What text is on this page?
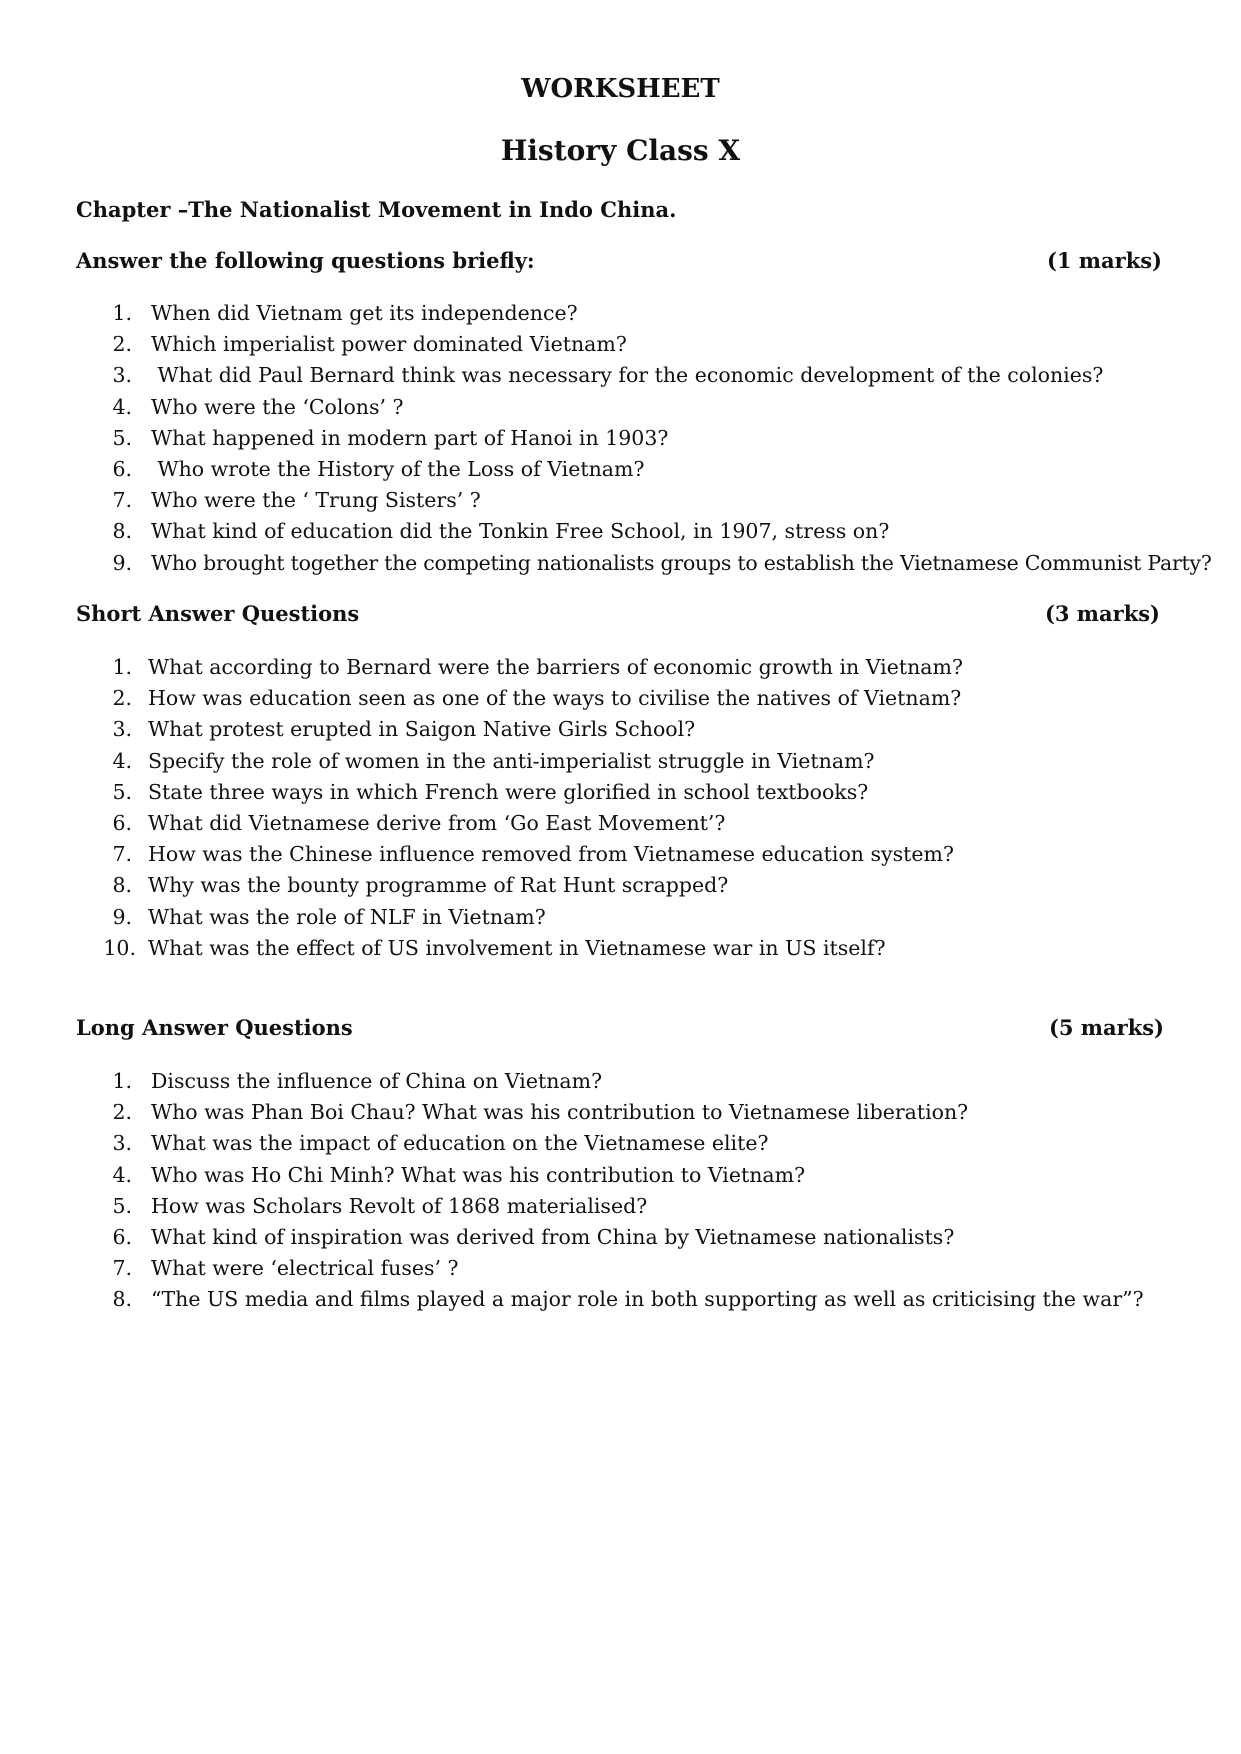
WORKSHEET
History Class X

Chapter –The Nationalist Movement in Indo China.

Answer the following questions briefly:	(1 marks)
1. When did Vietnam get its independence?
2. Which imperialist power dominated Vietnam?
3. What did Paul Bernard think was necessary for the economic development of the colonies?
4. Who were the ‘Colons’ ?
5. What happened in modern part of Hanoi in 1903?
6. Who wrote the History of the Loss of Vietnam?
7. Who were the ‘ Trung Sisters’ ?
8. What kind of education did the Tonkin Free School, in 1907, stress on?
9. Who brought together the competing nationalists groups to establish the Vietnamese Communist Party?
Short Answer Questions	(3 marks)
1. What according to Bernard were the barriers of economic growth in Vietnam?
2. How was education seen as one of the ways to civilise the natives of Vietnam?
3. What protest erupted in Saigon Native Girls School?
4. Specify the role of women in the anti-imperialist struggle in Vietnam?
5. State three ways in which French were glorified in school textbooks?
6. What did Vietnamese derive from ‘Go East Movement’?
7. How was the Chinese influence removed from Vietnamese education system?
8. Why was the bounty programme of Rat Hunt scrapped?
9. What was the role of NLF in Vietnam?
10. What was the effect of US involvement in Vietnamese war in US itself?
Long Answer Questions	(5 marks)
1. Discuss the influence of China on Vietnam?
2. Who was Phan Boi Chau? What was his contribution to Vietnamese liberation?
3. What was the impact of education on the Vietnamese elite?
4. Who was Ho Chi Minh? What was his contribution to Vietnam?
5. How was Scholars Revolt of 1868 materialised?
6. What kind of inspiration was derived from China by Vietnamese nationalists?
7. What were ‘electrical fuses’ ?
8. “The US media and films played a major role in both supporting as well as criticising the war”?
